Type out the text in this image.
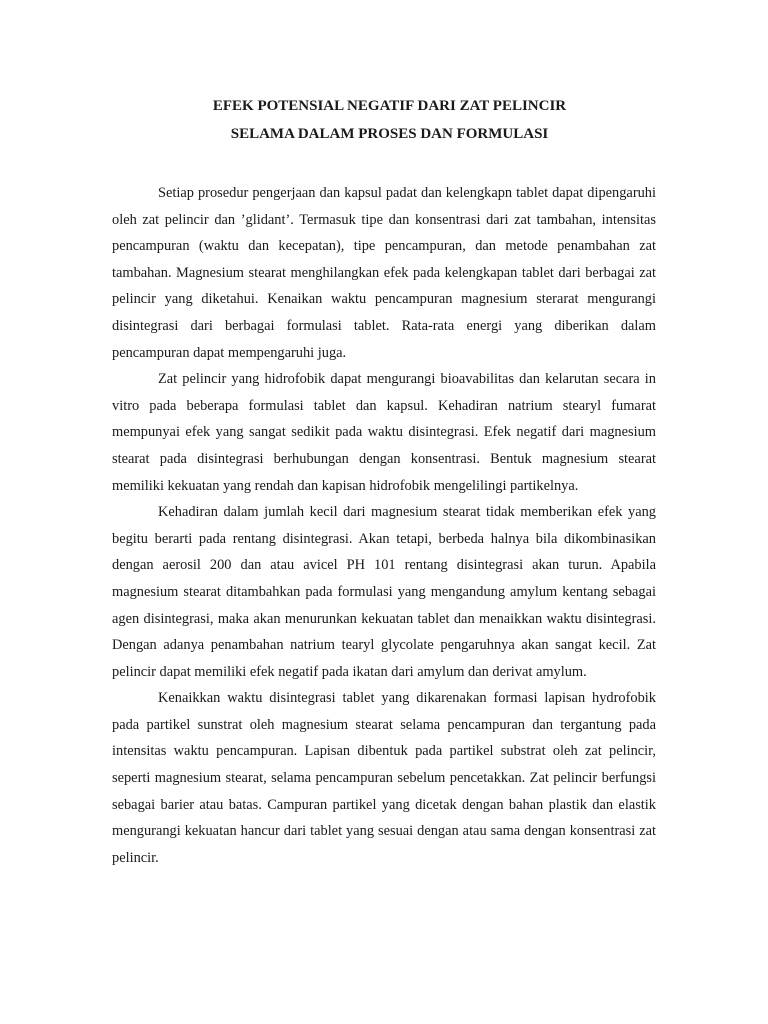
EFEK POTENSIAL NEGATIF DARI ZAT PELINCIR
SELAMA DALAM PROSES DAN FORMULASI

Setiap prosedur pengerjaan dan kapsul padat dan kelengkapn tablet dapat dipengaruhi oleh zat pelincir dan ’glidant’. Termasuk tipe dan konsentrasi dari zat tambahan, intensitas pencampuran (waktu dan kecepatan), tipe pencampuran, dan metode penambahan zat tambahan. Magnesium stearat menghilangkan efek pada kelengkapan tablet dari berbagai zat pelincir yang diketahui. Kenaikan waktu pencampuran magnesium sterarat mengurangi disintegrasi dari berbagai formulasi tablet. Rata-rata energi yang diberikan dalam pencampuran dapat mempengaruhi juga.

Zat pelincir yang hidrofobik dapat mengurangi bioavabilitas dan kelarutan secara in vitro pada beberapa formulasi tablet dan kapsul. Kehadiran natrium stearyl fumarat mempunyai efek yang sangat sedikit pada waktu disintegrasi. Efek negatif dari magnesium stearat pada disintegrasi berhubungan dengan konsentrasi. Bentuk magnesium stearat memiliki kekuatan yang rendah dan kapisan hidrofobik mengelilingi partikelnya.

Kehadiran dalam jumlah kecil dari magnesium stearat tidak memberikan efek yang begitu berarti pada rentang disintegrasi. Akan tetapi, berbeda halnya bila dikombinasikan dengan aerosil 200 dan atau avicel PH 101 rentang disintegrasi akan turun. Apabila magnesium stearat ditambahkan pada formulasi yang mengandung amylum kentang sebagai agen disintegrasi, maka akan menurunkan kekuatan tablet dan menaikkan waktu disintegrasi. Dengan adanya penambahan natrium tearyl glycolate pengaruhnya akan sangat kecil. Zat pelincir dapat memiliki efek negatif pada ikatan dari amylum dan derivat amylum.

Kenaikkan waktu disintegrasi tablet yang dikarenakan formasi lapisan hydrofobik pada partikel sunstrat oleh magnesium stearat selama pencampuran dan tergantung pada intensitas waktu pencampuran. Lapisan dibentuk pada partikel substrat oleh zat pelincir, seperti magnesium stearat, selama pencampuran sebelum pencetakkan. Zat pelincir berfungsi sebagai barier atau batas. Campuran partikel yang dicetak dengan bahan plastik dan elastik mengurangi kekuatan hancur dari tablet yang sesuai dengan atau sama dengan konsentrasi zat pelincir.
